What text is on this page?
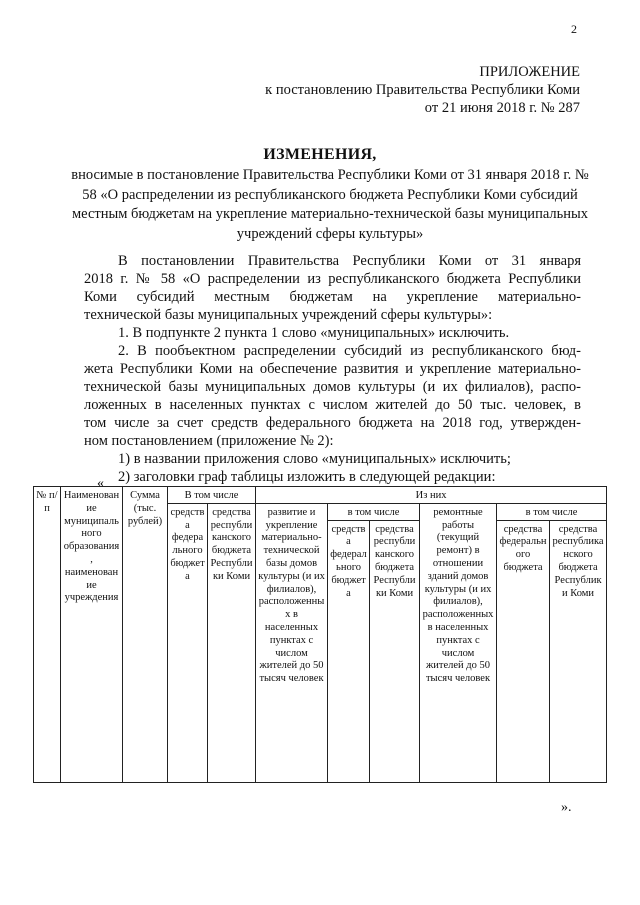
2
ПРИЛОЖЕНИЕ
к постановлению Правительства Республики Коми
от 21 июня 2018 г. № 287
ИЗМЕНЕНИЯ,
вносимые в постановление Правительства Республики Коми от 31 января 2018 г. № 58 «О распределении из республиканского бюджета Республики Коми субсидий местным бюджетам на укрепление материально-технической базы муниципальных учреждений сферы культуры»
В постановлении Правительства Республики Коми от 31 января
2018 г. № 58 «О распределении из республиканского бюджета Республики
Коми субсидий местным бюджетам на укрепление материально-
технической базы муниципальных учреждений сферы культуры»:
1. В подпункте 2 пункта 1 слово «муниципальных» исключить.
2. В пообъектном распределении субсидий из республиканского бюд-
жета Республики Коми на обеспечение развития и укрепление материально-
технической базы муниципальных домов культуры (и их филиалов), распо-
ложенных в населенных пунктах с числом жителей до 50 тыс. человек, в
том числе за счет средств федерального бюджета на 2018 год, утвержден-
ном постановлением (приложение № 2):
1) в названии приложения слово «муниципальных» исключить;
2) заголовки граф таблицы изложить в следующей редакции:
«
№ п/п	Наименование муниципального образования, наименование учреждения	Сумма (тыс. рублей)	В том числе		Из них					
			средства федерального бюджета	средства республиканского бюджета Республики Коми	развитие и укрепление материально-технической базы домов культуры (и их филиалов), расположенных в населенных пунктах с числом жителей до 50 тысяч человек	в том числе		ремонтные работы (текущий ремонт) в отношении зданий домов культуры (и их филиалов), расположенных в населенных пунктах с числом жителей до 50 тысяч человек	в том числе	
						средства федерального бюджета	средства республиканского бюджета Республики Коми		средства федерального бюджета	средства республиканского бюджета Республики Коми
».
